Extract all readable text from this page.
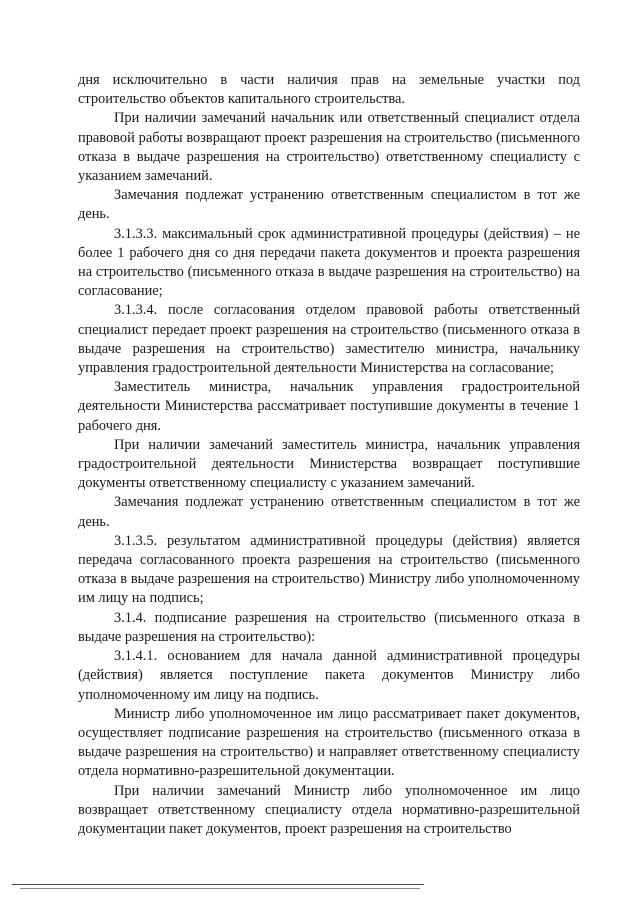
дня исключительно в части наличия прав на земельные участки под строительство объектов капитального строительства.

При наличии замечаний начальник или ответственный специалист отдела правовой работы возвращают проект разрешения на строительство (письменного отказа в выдаче разрешения на строительство) ответственному специалисту с указанием замечаний.

Замечания подлежат устранению ответственным специалистом в тот же день.

3.1.3.3. максимальный срок административной процедуры (действия) – не более 1 рабочего дня со дня передачи пакета документов и проекта разрешения на строительство (письменного отказа в выдаче разрешения на строительство) на согласование;

3.1.3.4. после согласования отделом правовой работы ответственный специалист передает проект разрешения на строительство (письменного отказа в выдаче разрешения на строительство) заместителю министра, начальнику управления градостроительной деятельности Министерства на согласование;

Заместитель министра, начальник управления градостроительной деятельности Министерства рассматривает поступившие документы в течение 1 рабочего дня.

При наличии замечаний заместитель министра, начальник управления градостроительной деятельности Министерства возвращает поступившие документы ответственному специалисту с указанием замечаний.

Замечания подлежат устранению ответственным специалистом в тот же день.

3.1.3.5. результатом административной процедуры (действия) является передача согласованного проекта разрешения на строительство (письменного отказа в выдаче разрешения на строительство) Министру либо уполномоченному им лицу на подпись;

3.1.4. подписание разрешения на строительство (письменного отказа в выдаче разрешения на строительство):

3.1.4.1. основанием для начала данной административной процедуры (действия) является поступление пакета документов Министру либо уполномоченному им лицу на подпись.

Министр либо уполномоченное им лицо рассматривает пакет документов, осуществляет подписание разрешения на строительство (письменного отказа в выдаче разрешения на строительство) и направляет ответственному специалисту отдела нормативно-разрешительной документации.

При наличии замечаний Министр либо уполномоченное им лицо возвращает ответственному специалисту отдела нормативно-разрешительной документации пакет документов, проект разрешения на строительство
